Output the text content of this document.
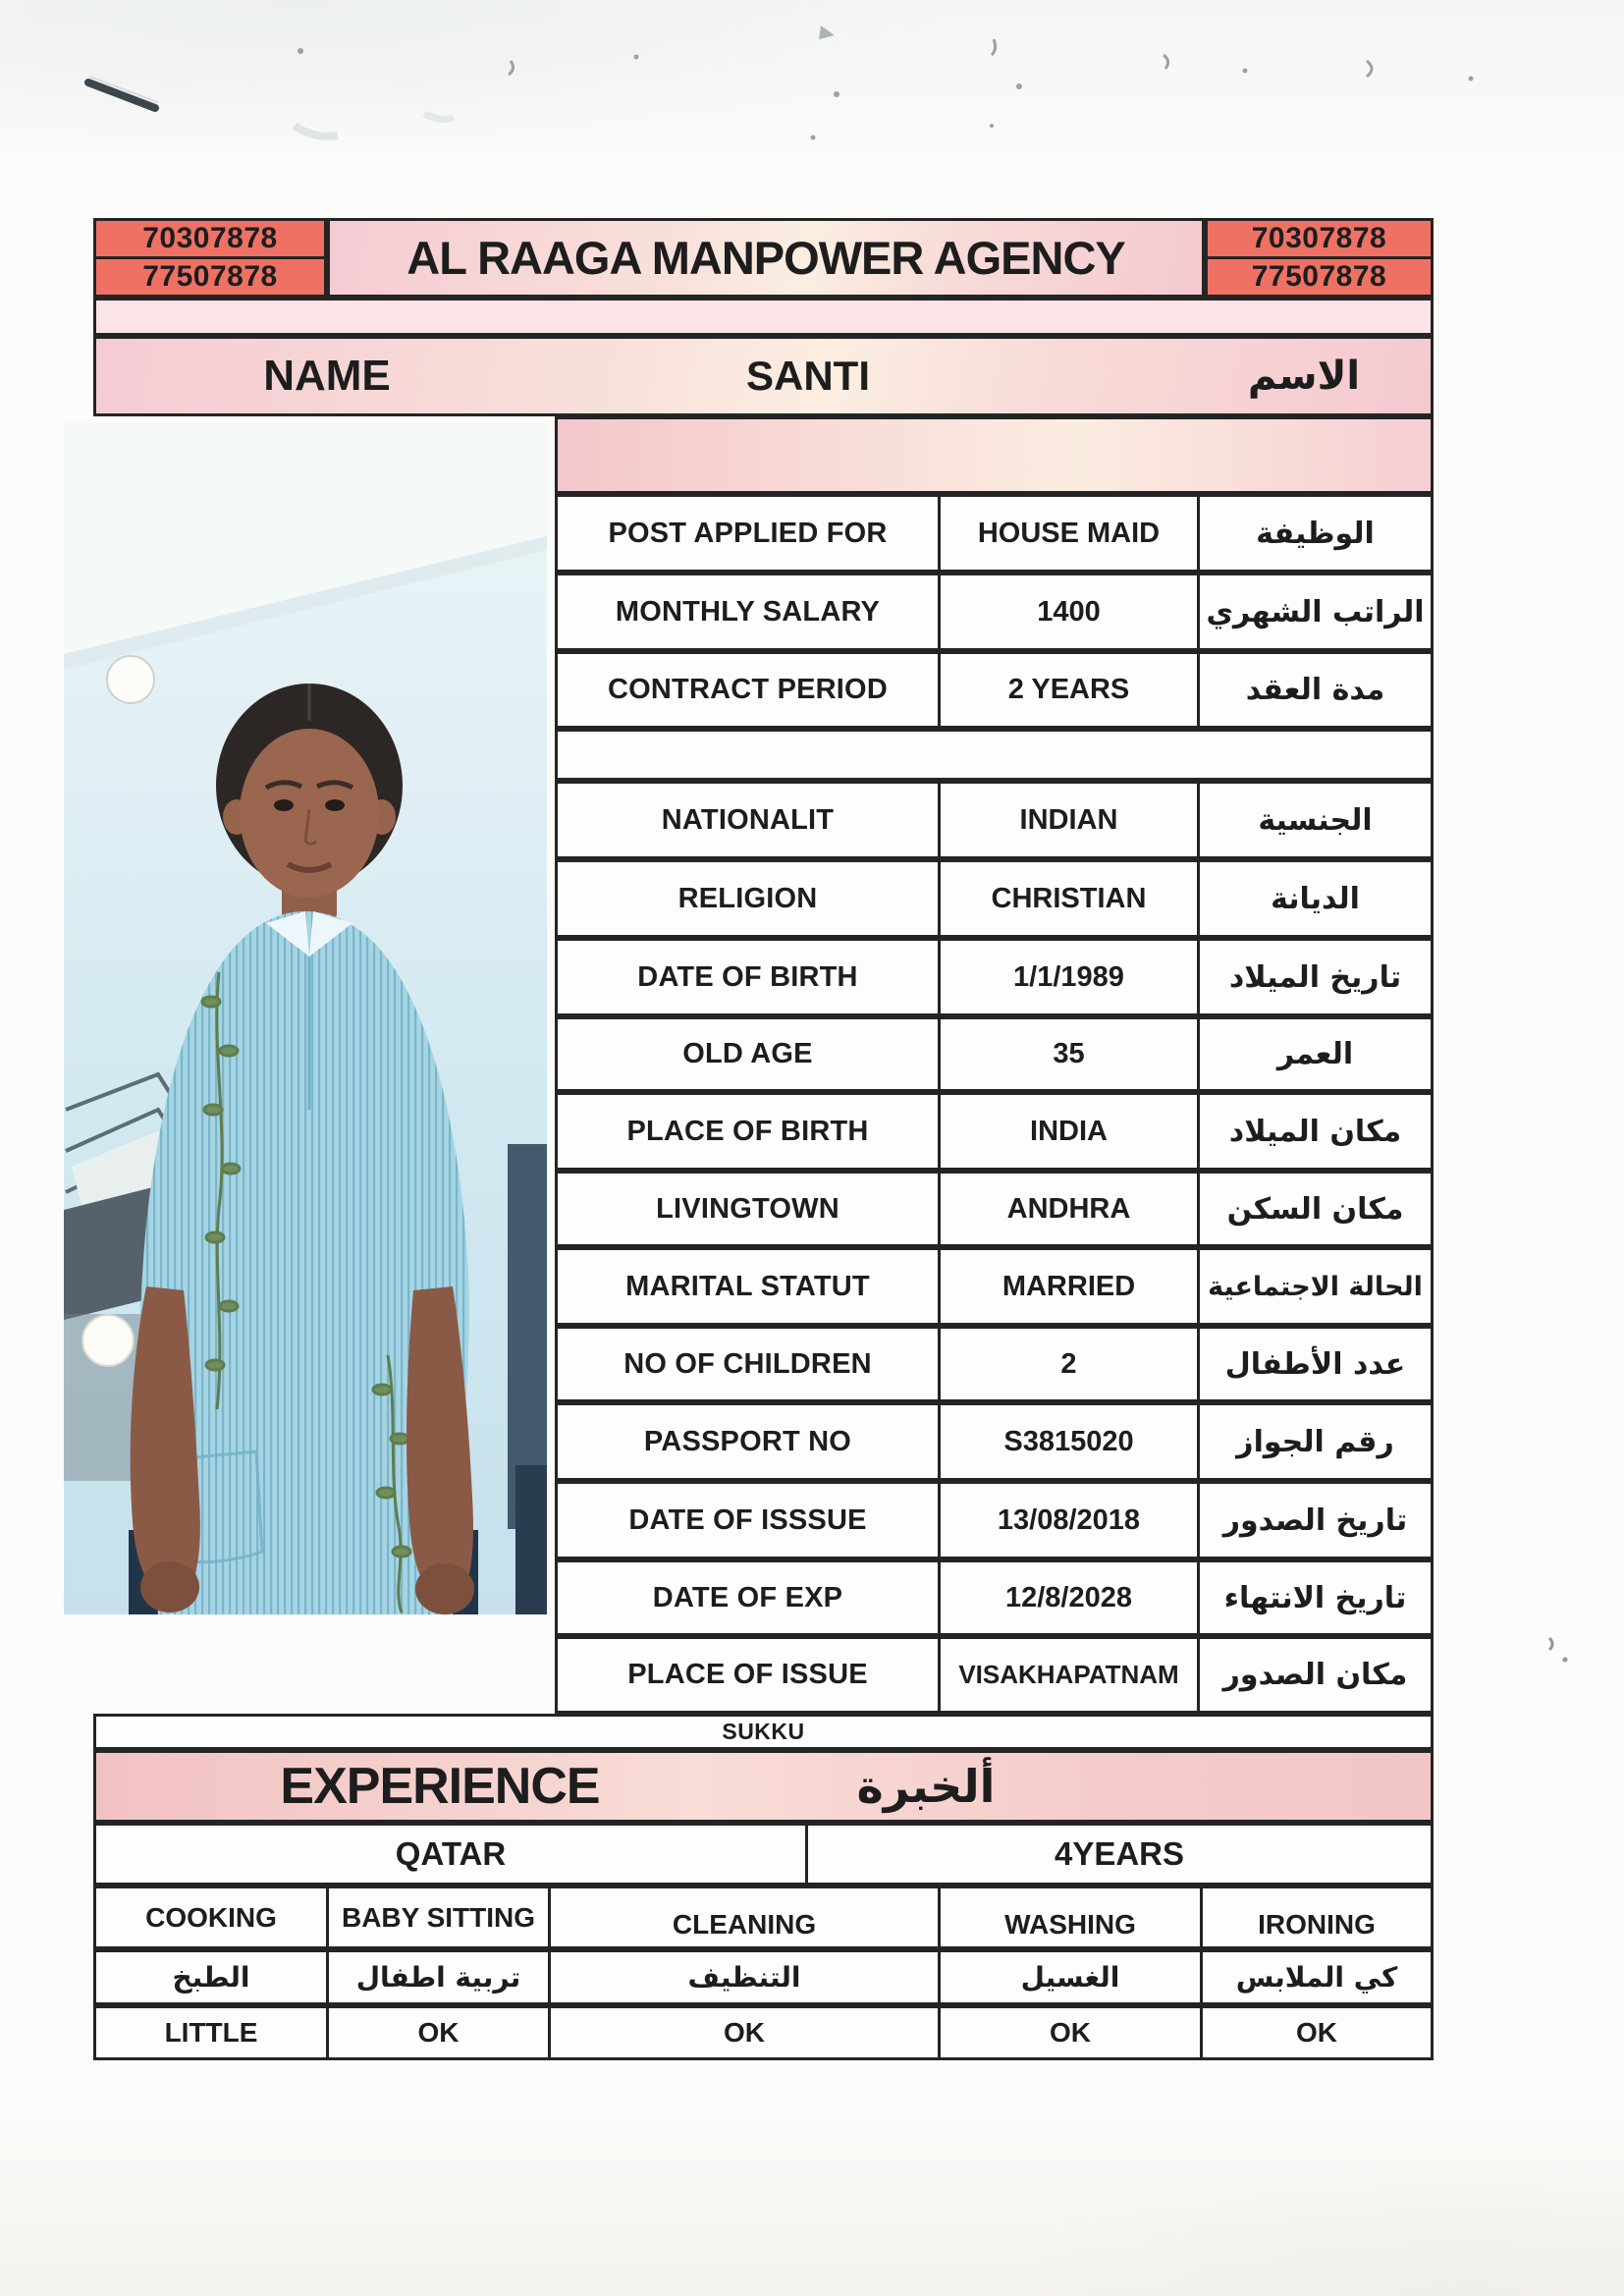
70307878
77507878	AL RAAGA MANPOWER AGENCY	70307878
77507878
NAME	SANTI	الاسم
POST APPLIED FOR	HOUSE MAID	الوظيفة
MONTHLY SALARY	1400	الراتب الشهري
CONTRACT PERIOD	2 YEARS	مدة العقد
NATIONALIT	INDIAN	الجنسية
RELIGION	CHRISTIAN	الديانة
DATE OF BIRTH	1/1/1989	تاريخ الميلاد
OLD AGE	35	العمر
PLACE OF BIRTH	INDIA	مكان الميلاد
LIVINGTOWN	ANDHRA	مكان السكن
MARITAL STATUT	MARRIED	الحالة الاجتماعية
NO OF CHILDREN	2	عدد الأطفال
PASSPORT NO	S3815020	رقم الجواز
DATE OF ISSSUE	13/08/2018	تاريخ الصدور
DATE OF EXP	12/8/2028	تاريخ الانتهاء
PLACE OF ISSUE	VISAKHAPATNAM	مكان الصدور
SUKKU
EXPERIENCE	ألخبرة
QATAR	4YEARS
COOKING	BABY SITTING	CLEANING	WASHING	IRONING
الطبخ	تربية اطفال	التنظيف	الغسيل	كي الملابس
LITTLE	OK	OK	OK	OK
